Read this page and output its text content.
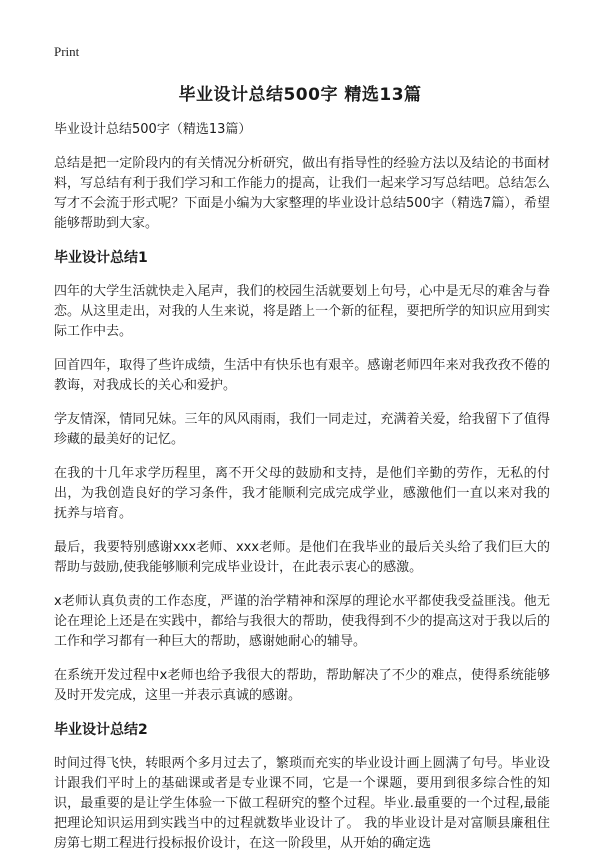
Print
毕业设计总结500字 精选13篇

毕业设计总结500字（精选13篇）

总结是把一定阶段内的有关情况分析研究，做出有指导性的经验方法以及结论的书面材料，写总结有利于我们学习和工作能力的提高，让我们一起来学习写总结吧。总结怎么写才不会流于形式呢？下面是小编为大家整理的毕业设计总结500字（精选7篇），希望能够帮助到大家。

毕业设计总结1

四年的大学生活就快走入尾声，我们的校园生活就要划上句号，心中是无尽的难舍与眷恋。从这里走出，对我的人生来说，将是踏上一个新的征程，要把所学的知识应用到实际工作中去。

回首四年，取得了些许成绩，生活中有快乐也有艰辛。感谢老师四年来对我孜孜不倦的教诲，对我成长的关心和爱护。

学友情深，情同兄妹。三年的风风雨雨，我们一同走过，充满着关爱，给我留下了值得珍藏的最美好的记忆。

在我的十几年求学历程里，离不开父母的鼓励和支持，是他们辛勤的劳作，无私的付出，为我创造良好的学习条件，我才能顺利完成完成学业，感激他们一直以来对我的 抚养与培育。

最后，我要特别感谢xxx老师、xxx老师。是他们在我毕业的最后关头给了我们巨大的帮助与鼓励,使我能够顺利完成毕业设计，在此表示衷心的感激。

x老师认真负责的工作态度，严谨的治学精神和深厚的理论水平都使我受益匪浅。他无论在理论上还是在实践中，都给与我很大的帮助，使我得到不少的提高这对于我以后的工作和学习都有一种巨大的帮助，感谢她耐心的辅导。

在系统开发过程中x老师也给予我很大的帮助，帮助解决了不少的难点，使得系统能够及时开发完成，这里一并表示真诚的感谢。

毕业设计总结2

时间过得飞快，转眼两个多月过去了，繁琐而充实的毕业设计画上圆满了句号。毕业设计跟我们平时上的基础课或者是专业课不同，它是一个课题，要用到很多综合性的知识，最重要的是让学生体验一下做工程研究的整个过程。毕业.最重要的一个过程,最能把理论知识运用到实践当中的过程就数毕业设计了。 我的毕业设计是对富顺县廉租住房第七期工程进行投标报价设计，在这一阶段里，从开始的确定选
